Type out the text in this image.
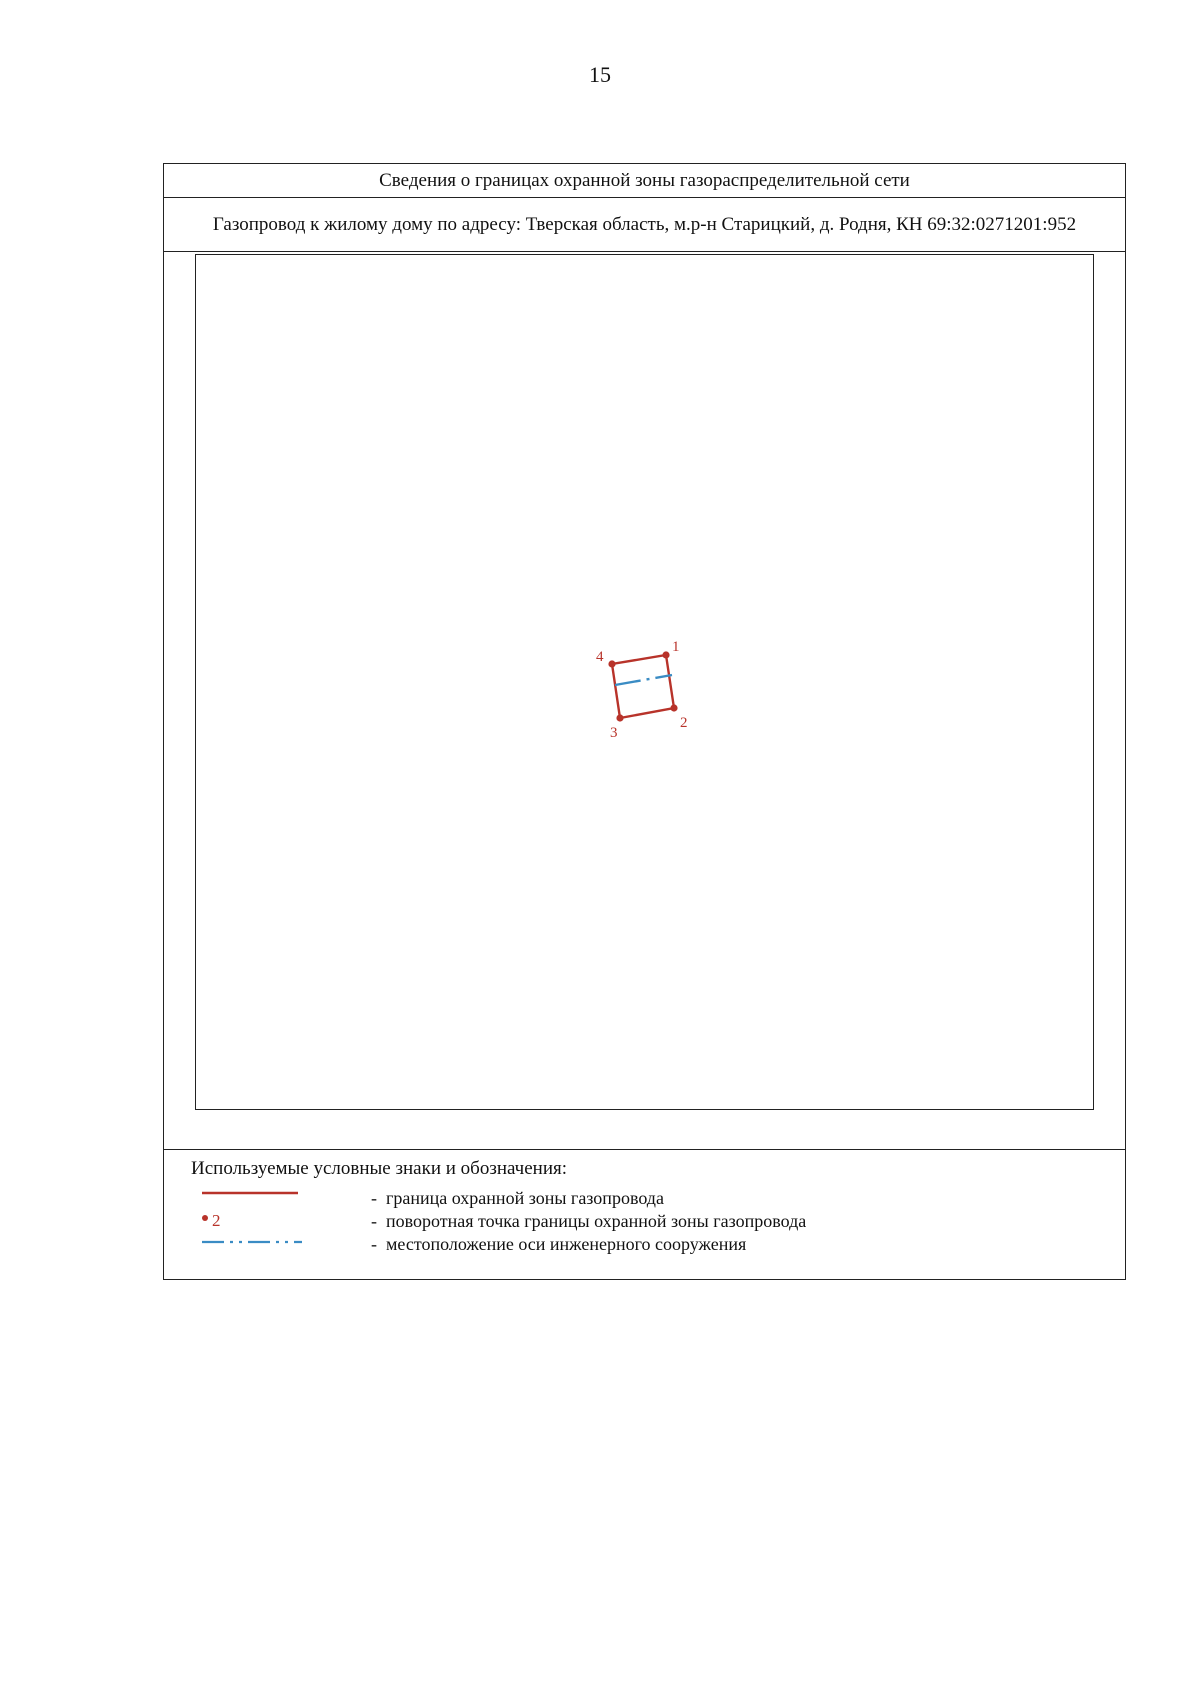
15
Сведения о границах охранной зоны газораспределительной сети
Газопровод к жилому дому по адресу: Тверская область, м.р-н Старицкий, д. Родня, КН 69:32:0271201:952
1
2
3
4
Используемые условные знаки и обозначения:
- граница охранной зоны газопровода
2	- поворотная точка границы охранной зоны газопровода
- местоположение оси инженерного сооружения
